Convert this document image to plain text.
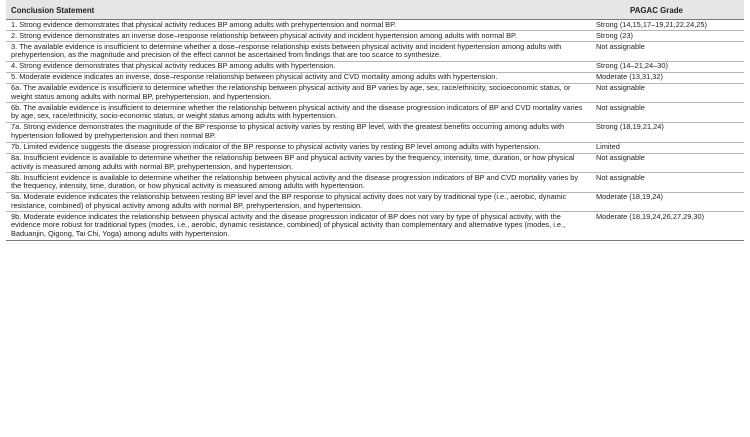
Conclusion Statement	PAGAC Grade
1. Strong evidence demonstrates that physical activity reduces BP among adults with prehypertension and normal BP.	Strong (14,15,17–19,21,22,24,25)
2. Strong evidence demonstrates an inverse dose–response relationship between physical activity and incident hypertension among adults with normal BP.	Strong (23)
3. The available evidence is insufficient to determine whether a dose–response relationship exists between physical activity and incident hypertension among adults with prehypertension, as the magnitude and precision of the effect cannot be ascertained from findings that are too scarce to synthesize.	Not assignable
4. Strong evidence demonstrates that physical activity reduces BP among adults with hypertension.	Strong (14–21,24–30)
5. Moderate evidence indicates an inverse, dose–response relationship between physical activity and CVD mortality among adults with hypertension.	Moderate (13,31,32)
6a. The available evidence is insufficient to determine whether the relationship between physical activity and BP varies by age, sex, race/ethnicity, socioeconomic status, or weight status among adults with normal BP, prehypertension, and hypertension.	Not assignable
6b. The available evidence is insufficient to determine whether the relationship between physical activity and the disease progression indicators of BP and CVD mortality varies by age, sex, race/ethnicity, socio-economic status, or weight status among adults with hypertension.	Not assignable
7a. Strong evidence demonstrates the magnitude of the BP response to physical activity varies by resting BP level, with the greatest benefits occurring among adults with hypertension followed by prehypertension and then normal BP.	Strong (18,19,21,24)
7b. Limited evidence suggests the disease progression indicator of the BP response to physical activity varies by resting BP level among adults with hypertension.	Limited
8a. Insufficient evidence is available to determine whether the relationship between BP and physical activity varies by the frequency, intensity, time, duration, or how physical activity is measured among adults with normal BP, prehypertension, and hypertension.	Not assignable
8b. Insufficient evidence is available to determine whether the relationship between physical activity and the disease progression indicators of BP and CVD mortality varies by the frequency, intensity, time, duration, or how physical activity is measured among adults with hypertension.	Not assignable
9a. Moderate evidence indicates the relationship between resting BP level and the BP response to physical activity does not vary by traditional type (i.e., aerobic, dynamic resistance, combined) of physical activity among adults with normal BP, prehypertension, and hypertension.	Moderate (18,19,24)
9b. Moderate evidence indicates the relationship between physical activity and the disease progression indicator of BP does not vary by type of physical activity, with the evidence more robust for traditional types (modes, i.e., aerobic, dynamic resistance, combined) of physical activity than complementary and alternative types (modes, i.e., Baduanjin, Qigong, Tai Chi, Yoga) among adults with hypertension.	Moderate (18,19,24,26,27,29,30)
